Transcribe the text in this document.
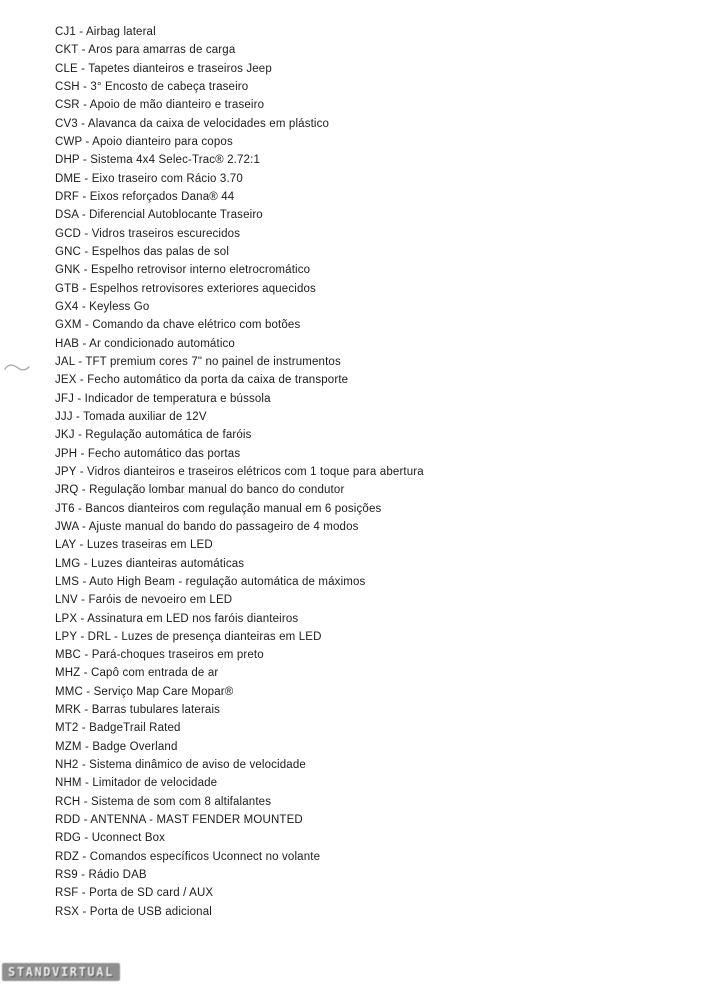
CJ1 - Airbag lateral
CKT - Aros para amarras de carga
CLE - Tapetes dianteiros e traseiros Jeep
CSH - 3° Encosto de cabeça traseiro
CSR - Apoio de mão dianteiro e traseiro
CV3 - Alavanca da caixa de velocidades em plástico
CWP - Apoio dianteiro para copos
DHP - Sistema 4x4 Selec-Trac® 2.72:1
DME - Eixo traseiro com Rácio 3.70
DRF - Eixos reforçados Dana® 44
DSA - Diferencial Autoblocante Traseiro
GCD - Vidros traseiros escurecidos
GNC - Espelhos das palas de sol
GNK - Espelho retrovisor interno eletrocromático
GTB - Espelhos retrovisores exteriores aquecidos
GX4 - Keyless Go
GXM - Comando da chave elétrico com botões
HAB - Ar condicionado automático
JAL - TFT premium cores 7" no painel de instrumentos
JEX - Fecho automático da porta da caixa de transporte
JFJ - Indicador de temperatura e bússola
JJJ - Tomada auxiliar de 12V
JKJ - Regulação automática de faróis
JPH - Fecho automático das portas
JPY - Vidros dianteiros e traseiros elétricos com 1 toque para abertura
JRQ - Regulação lombar manual do banco do condutor
JT6 - Bancos dianteiros com regulação manual em 6 posições
JWA - Ajuste manual do bando do passageiro de 4 modos
LAY - Luzes traseiras em LED
LMG - Luzes dianteiras automáticas
LMS - Auto High Beam - regulação automática de máximos
LNV - Faróis de nevoeiro em LED
LPX - Assinatura em LED nos faróis dianteiros
LPY - DRL - Luzes de presença dianteiras em LED
MBC - Pará-choques traseiros em preto
MHZ - Capô com entrada de ar
MMC - Serviço Map Care Mopar®
MRK - Barras tubulares laterais
MT2 - BadgeTrail Rated
MZM - Badge Overland
NH2 - Sistema dinâmico de aviso de velocidade
NHM - Limitador de velocidade
RCH - Sistema de som com 8 altifalantes
RDD - ANTENNA - MAST FENDER MOUNTED
RDG - Uconnect Box
RDZ - Comandos específicos Uconnect no volante
RS9 - Rádio DAB
RSF - Porta de SD card / AUX
RSX - Porta de USB adicional
STANDVIRTUAL
